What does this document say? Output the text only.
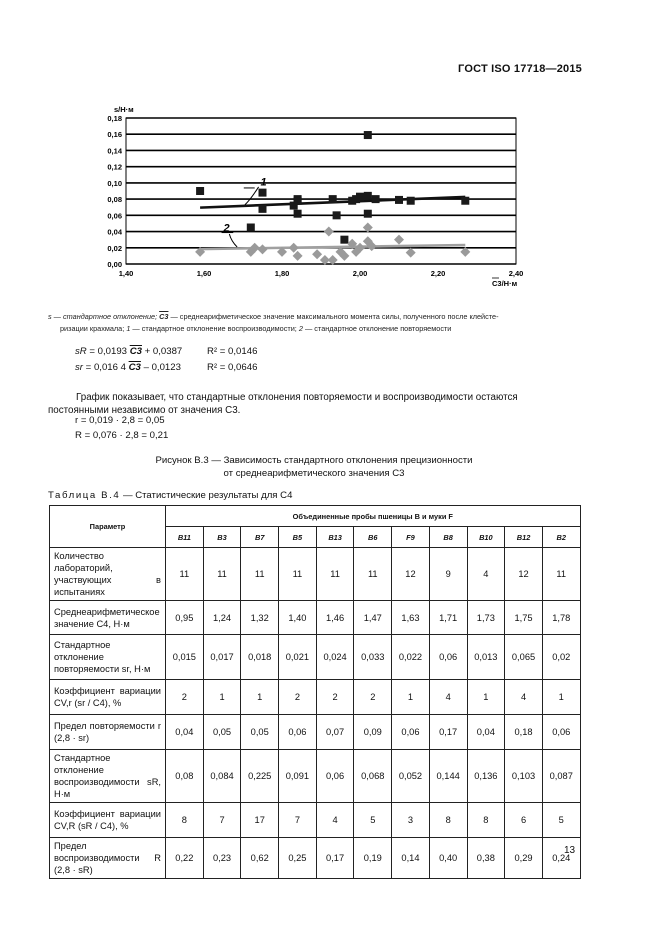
ГОСТ ISO 17718—2015
0,00
0,02
0,04
0,06
0,08
0,10
0,12
0,14
0,16
0,18
1,40	1,60	1,80	2,00	2,20	2,40
s/Н·м
C3/Н·м
1
2
s — стандартное отклонение; C3 — среднеарифметическое значение максимального момента силы, полученного после клейсте-
ризации крахмала; 1 — стандартное отклонение воспроизводимости; 2 — стандартное отклонение повторяемости
sR = 0,0193 C3 + 0,0387	R² = 0,0146
sr = 0,016 4 C3 – 0,0123	R² = 0,0646
График показывает, что стандартные отклонения повторяемости и воспроизводимости остаются постоянными независимо от значения C3.
r = 0,019 · 2,8 = 0,05
R = 0,076 · 2,8 = 0,21
Рисунок В.3 — Зависимость стандартного отклонения прецизионности
от среднеарифметического значения C3
Таблица В.4 — Статистические результаты для C4
Параметр	Объединенные пробы пшеницы B и муки F										
	B11	B3	B7	B5	B13	B6	F9	B8	B10	B12	B2
Количество лабораторий, участвующих в испытаниях	11	11	11	11	11	11	12	9	4	12	11
Среднеарифметическое значение C4, Н·м	0,95	1,24	1,32	1,40	1,46	1,47	1,63	1,71	1,73	1,75	1,78
Стандартное отклонение повторяемости sr, Н·м	0,015	0,017	0,018	0,021	0,024	0,033	0,022	0,06	0,013	0,065	0,02
Коэффициент вариации CV,r (sr / C4), %	2	1	1	2	2	2	1	4	1	4	1
Предел повторяемости r (2,8 · sr)	0,04	0,05	0,05	0,06	0,07	0,09	0,06	0,17	0,04	0,18	0,06
Стандартное отклонение воспроизводимости sR, Н·м	0,08	0,084	0,225	0,091	0,06	0,068	0,052	0,144	0,136	0,103	0,087
Коэффициент вариации CV,R (sR / C4), %	8	7	17	7	4	5	3	8	8	6	5
Предел воспроизводимости R (2,8 · sR)	0,22	0,23	0,62	0,25	0,17	0,19	0,14	0,40	0,38	0,29	0,24
13
